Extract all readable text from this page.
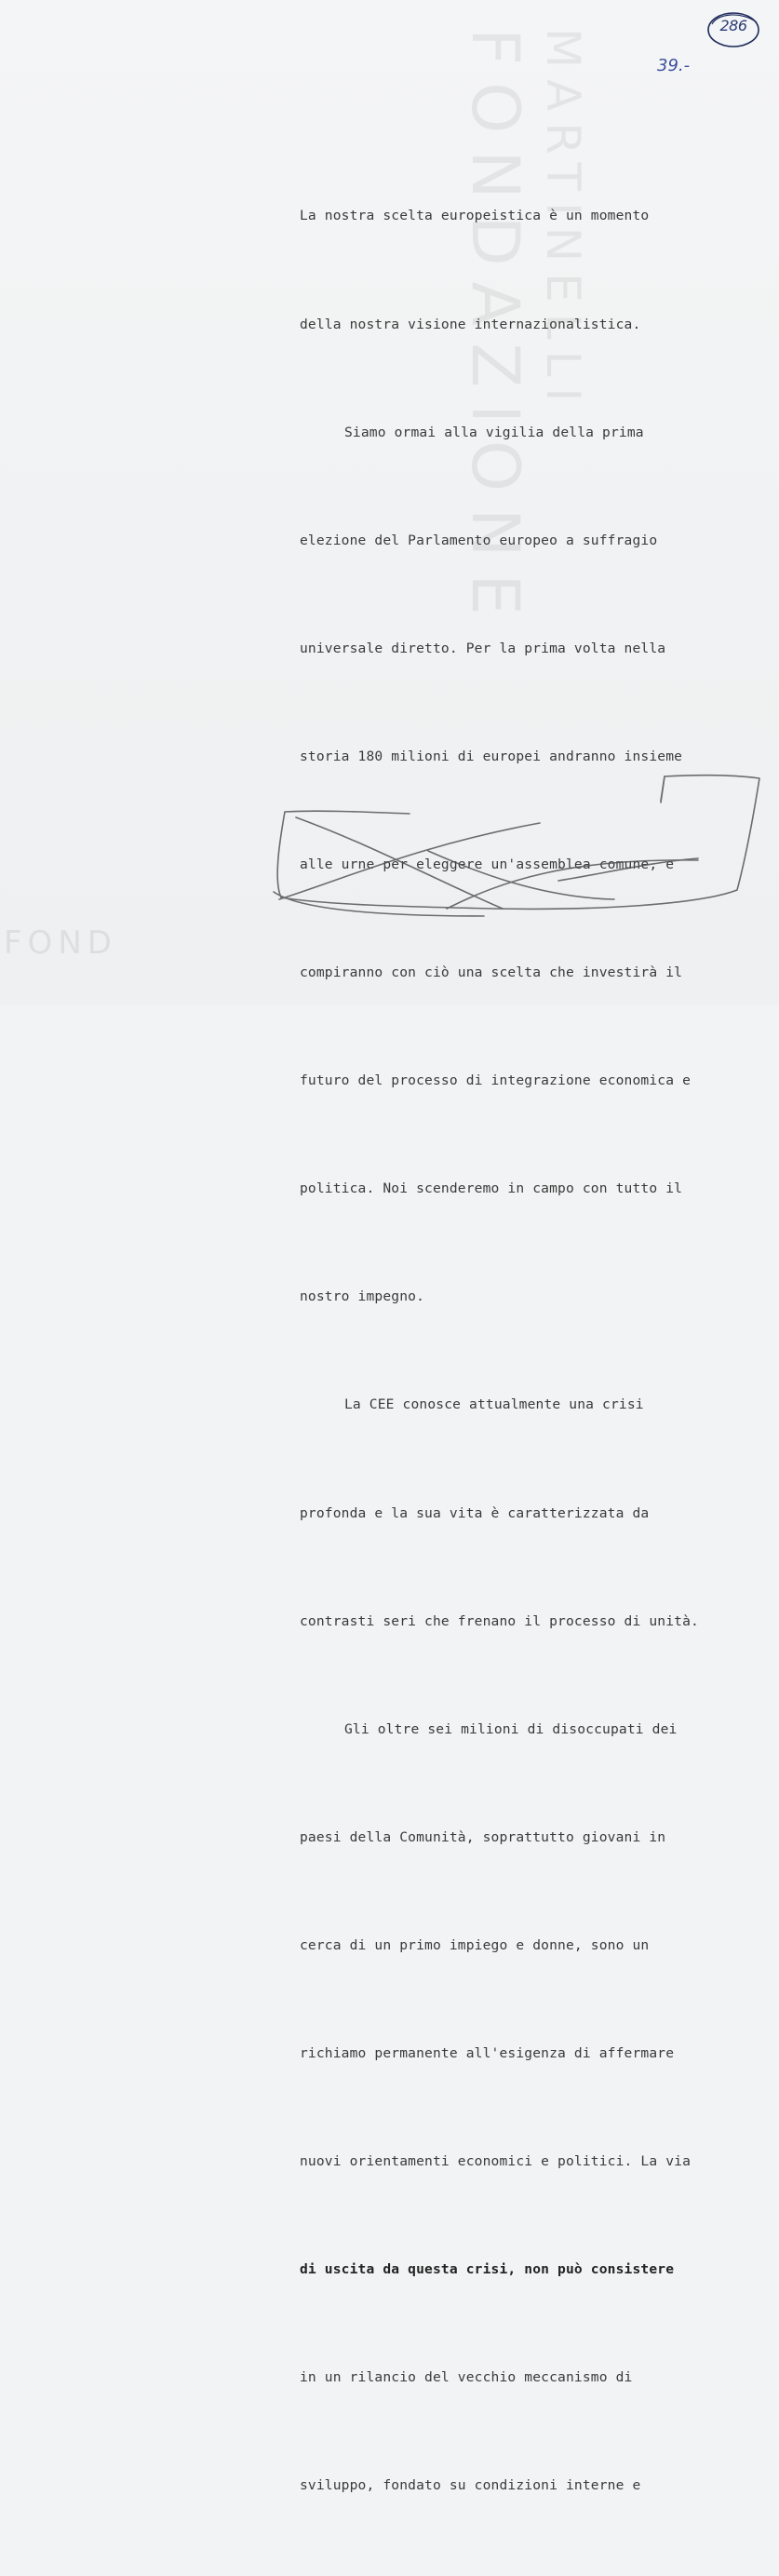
FONDAZIONE MARTINELLI
FOND
286
39.-

La nostra scelta europeistica è un momento

della nostra visione internazionalistica.

Siamo ormai alla vigilia della prima

elezione del Parlamento europeo a suffragio

universale diretto. Per la prima volta nella

storia 180 milioni di europei andranno insieme

alle urne per eleggere un'assemblea comune, e

compiranno con ciò una scelta che investirà il

futuro del processo di integrazione economica e

politica. Noi scenderemo in campo con tutto il

nostro impegno.

La CEE conosce attualmente una crisi

profonda e la sua vita è caratterizzata da

contrasti seri che frenano il processo di unità.

Gli oltre sei milioni di disoccupati dei

paesi della Comunità, soprattutto giovani in

cerca di un primo impiego e donne, sono un

richiamo permanente all'esigenza di affermare

nuovi orientamenti economici e politici. La via

di uscita da questa crisi, non può consistere

in un rilancio del vecchio meccanismo di

sviluppo, fondato su condizioni interne e
